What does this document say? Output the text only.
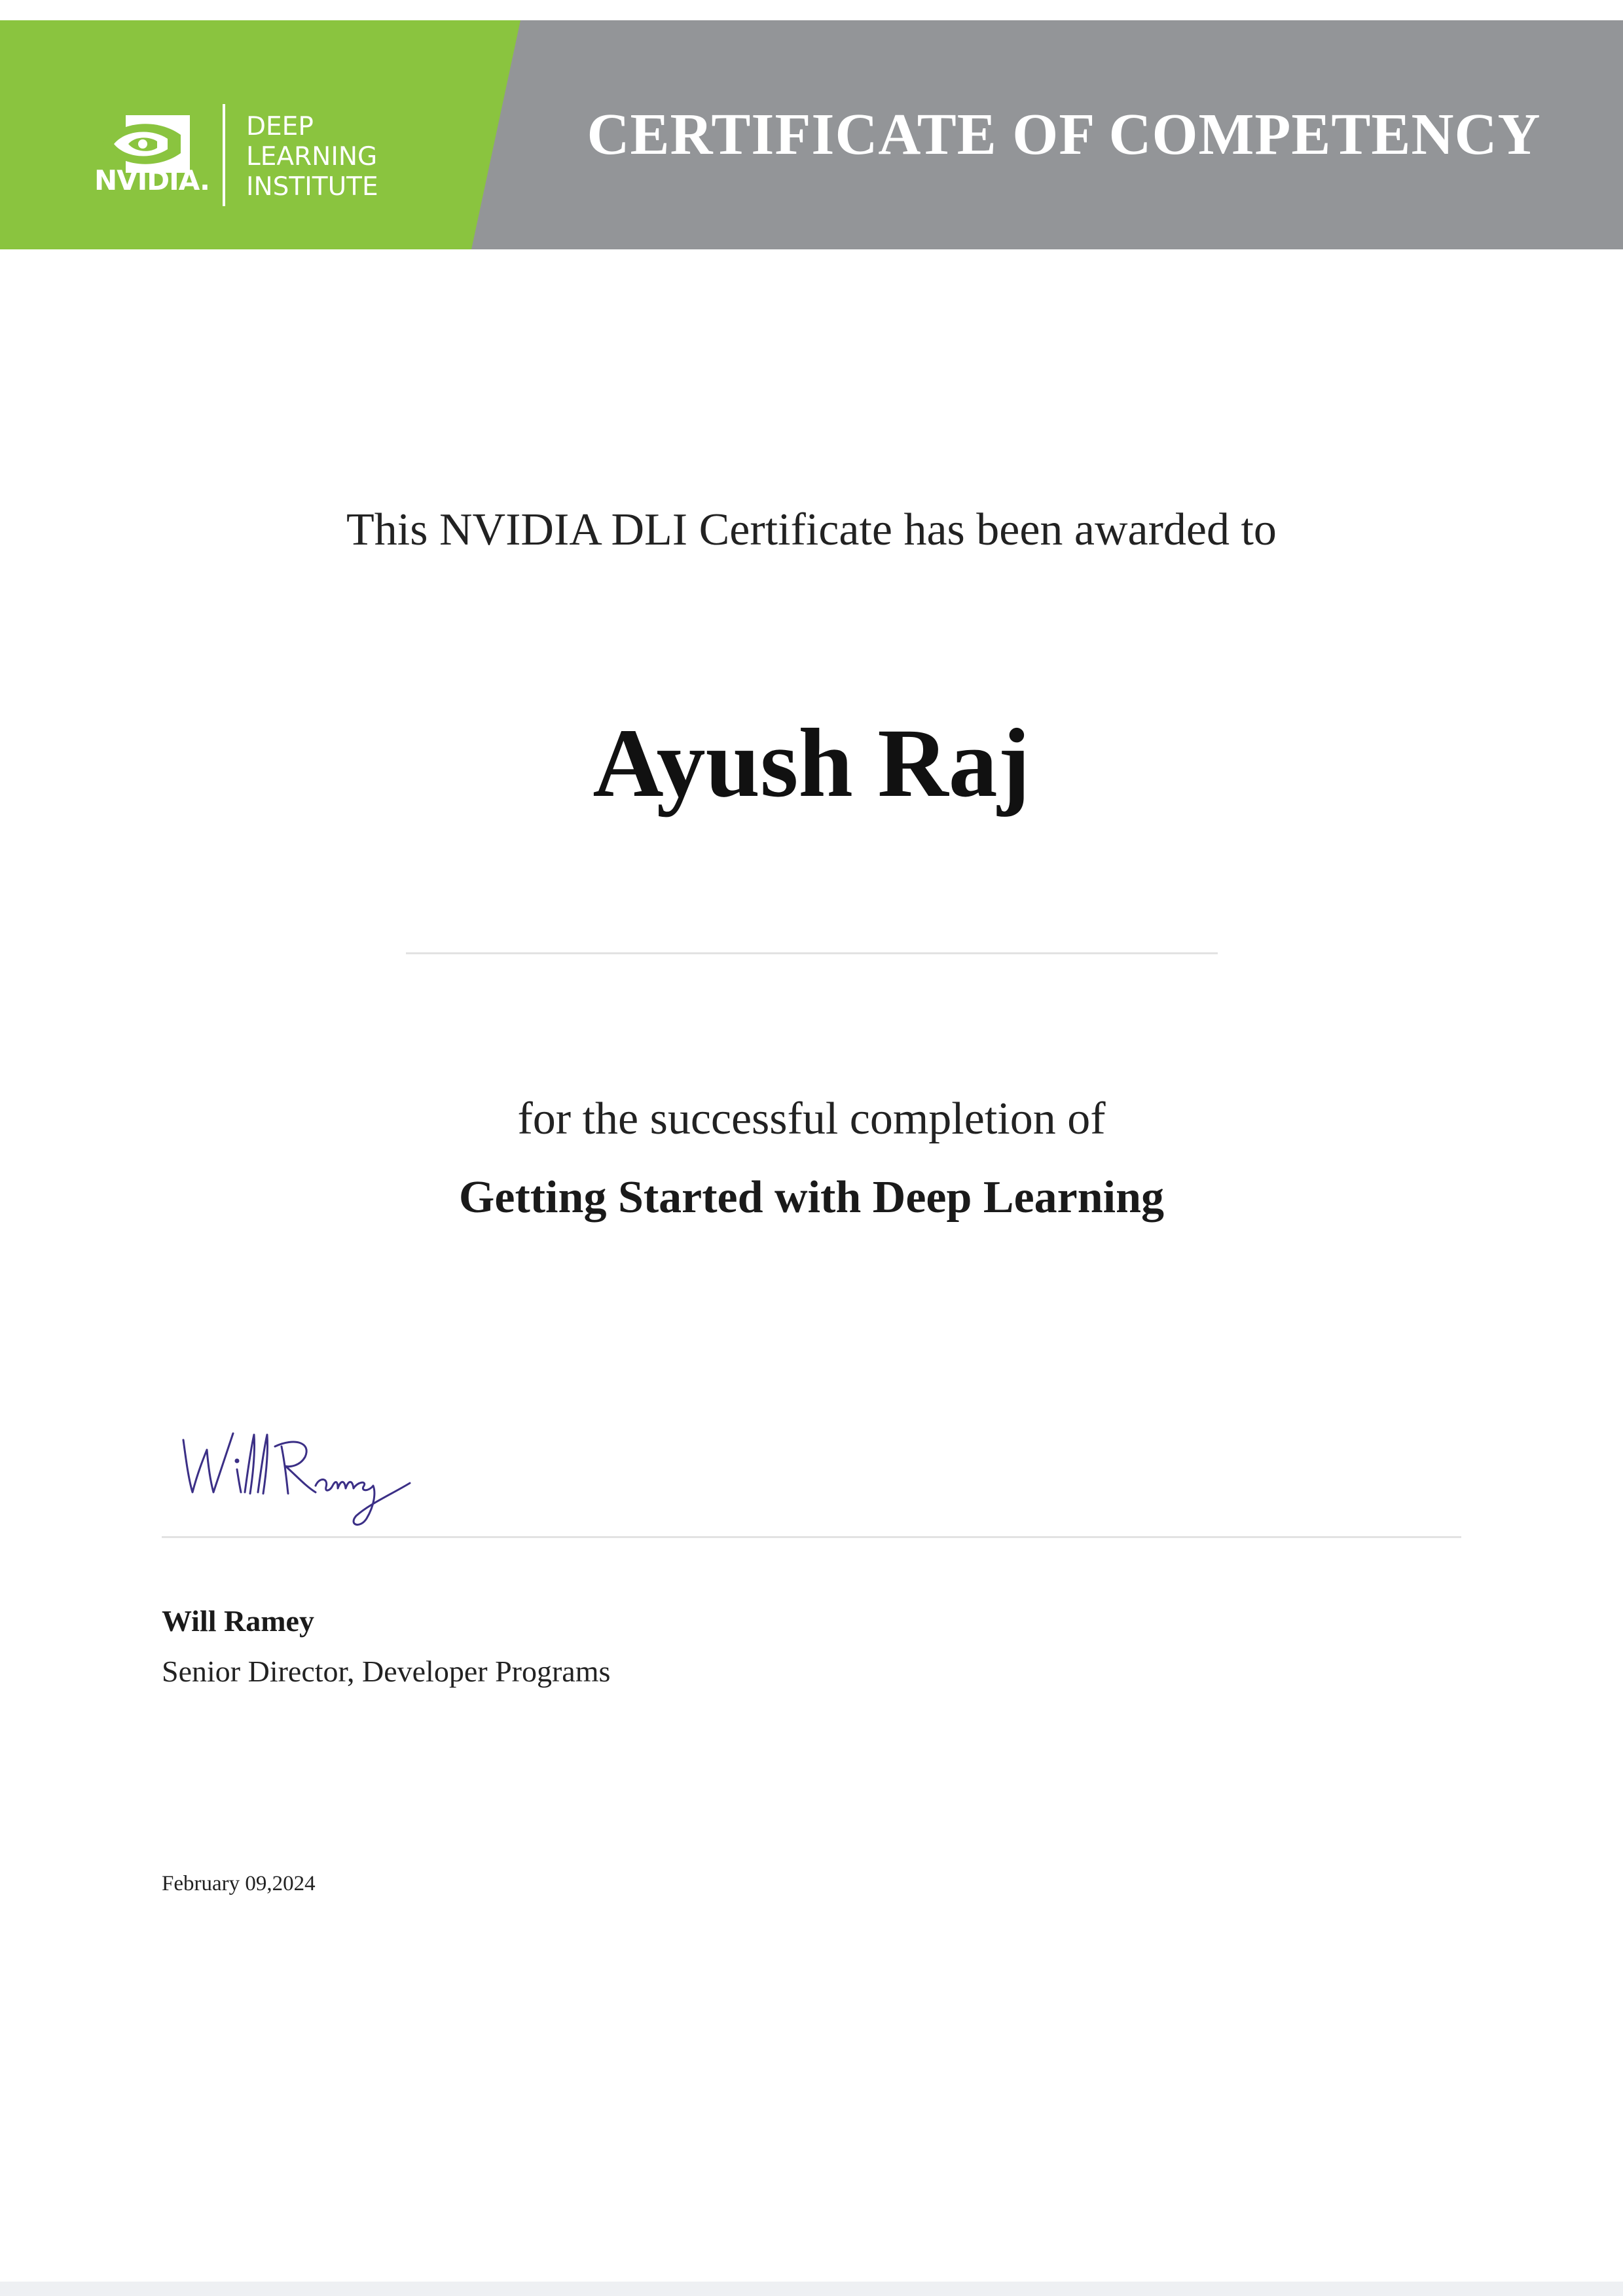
NVIDIA.
DEEP
LEARNING
INSTITUTE
CERTIFICATE OF COMPETENCY
This NVIDIA DLI Certificate has been awarded to
Ayush Raj
for the successful completion of
Getting Started with Deep Learning
Will Ramey
Senior Director, Developer Programs
February 09,2024
